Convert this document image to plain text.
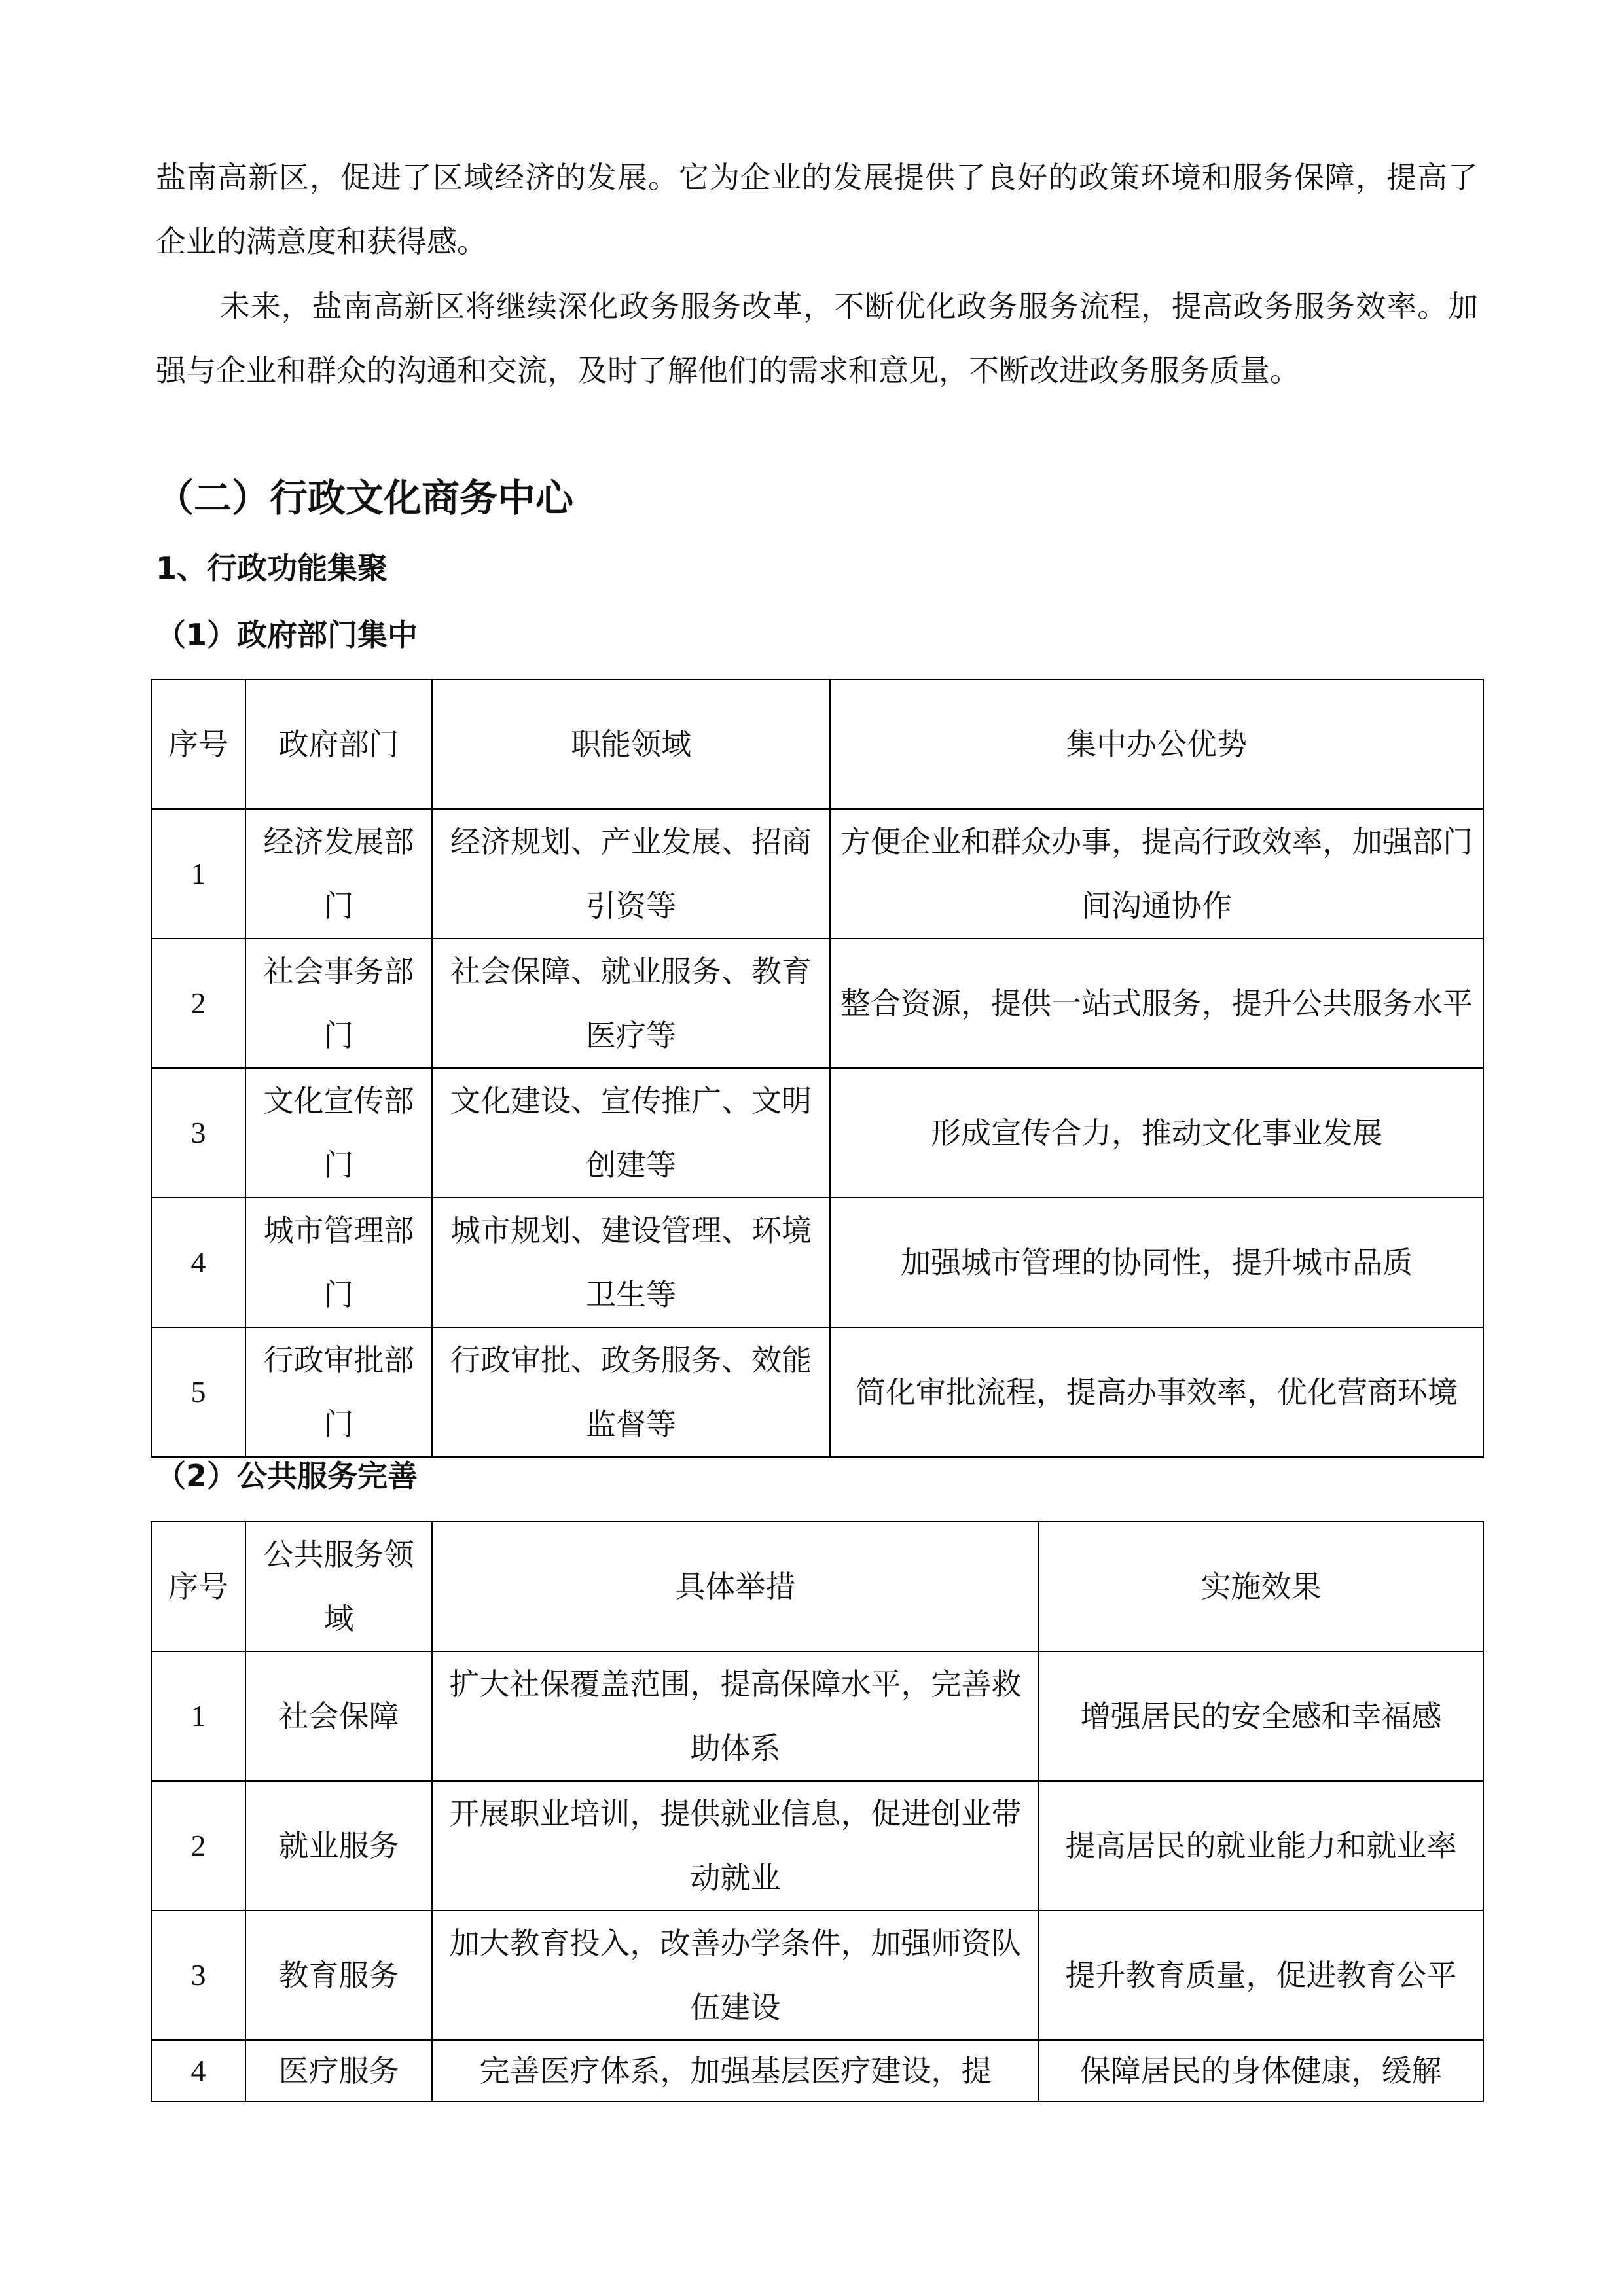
盐南高新区，促进了区域经济的发展。它为企业的发展提供了良好的政策环境和服务保障，提高了企业的满意度和获得感。

未来，盐南高新区将继续深化政务服务改革，不断优化政务服务流程，提高政务服务效率。加强与企业和群众的沟通和交流，及时了解他们的需求和意见，不断改进政务服务质量。

（二）行政文化商务中心
1、行政功能集聚
（1）政府部门集中
序号	政府部门	职能领域	集中办公优势
1	经济发展部门	经济规划、产业发展、招商引资等	方便企业和群众办事，提高行政效率，加强部门间沟通协作
2	社会事务部门	社会保障、就业服务、教育医疗等	整合资源，提供一站式服务，提升公共服务水平
3	文化宣传部门	文化建设、宣传推广、文明创建等	形成宣传合力，推动文化事业发展
4	城市管理部门	城市规划、建设管理、环境卫生等	加强城市管理的协同性，提升城市品质
5	行政审批部门	行政审批、政务服务、效能监督等	简化审批流程，提高办事效率，优化营商环境
（2）公共服务完善
序号	公共服务领域	具体举措	实施效果
1	社会保障	扩大社保覆盖范围，提高保障水平，完善救助体系	增强居民的安全感和幸福感
2	就业服务	开展职业培训，提供就业信息，促进创业带动就业	提高居民的就业能力和就业率
3	教育服务	加大教育投入，改善办学条件，加强师资队伍建设	提升教育质量，促进教育公平
4	医疗服务	完善医疗体系，加强基层医疗建设，提	保障居民的身体健康，缓解
